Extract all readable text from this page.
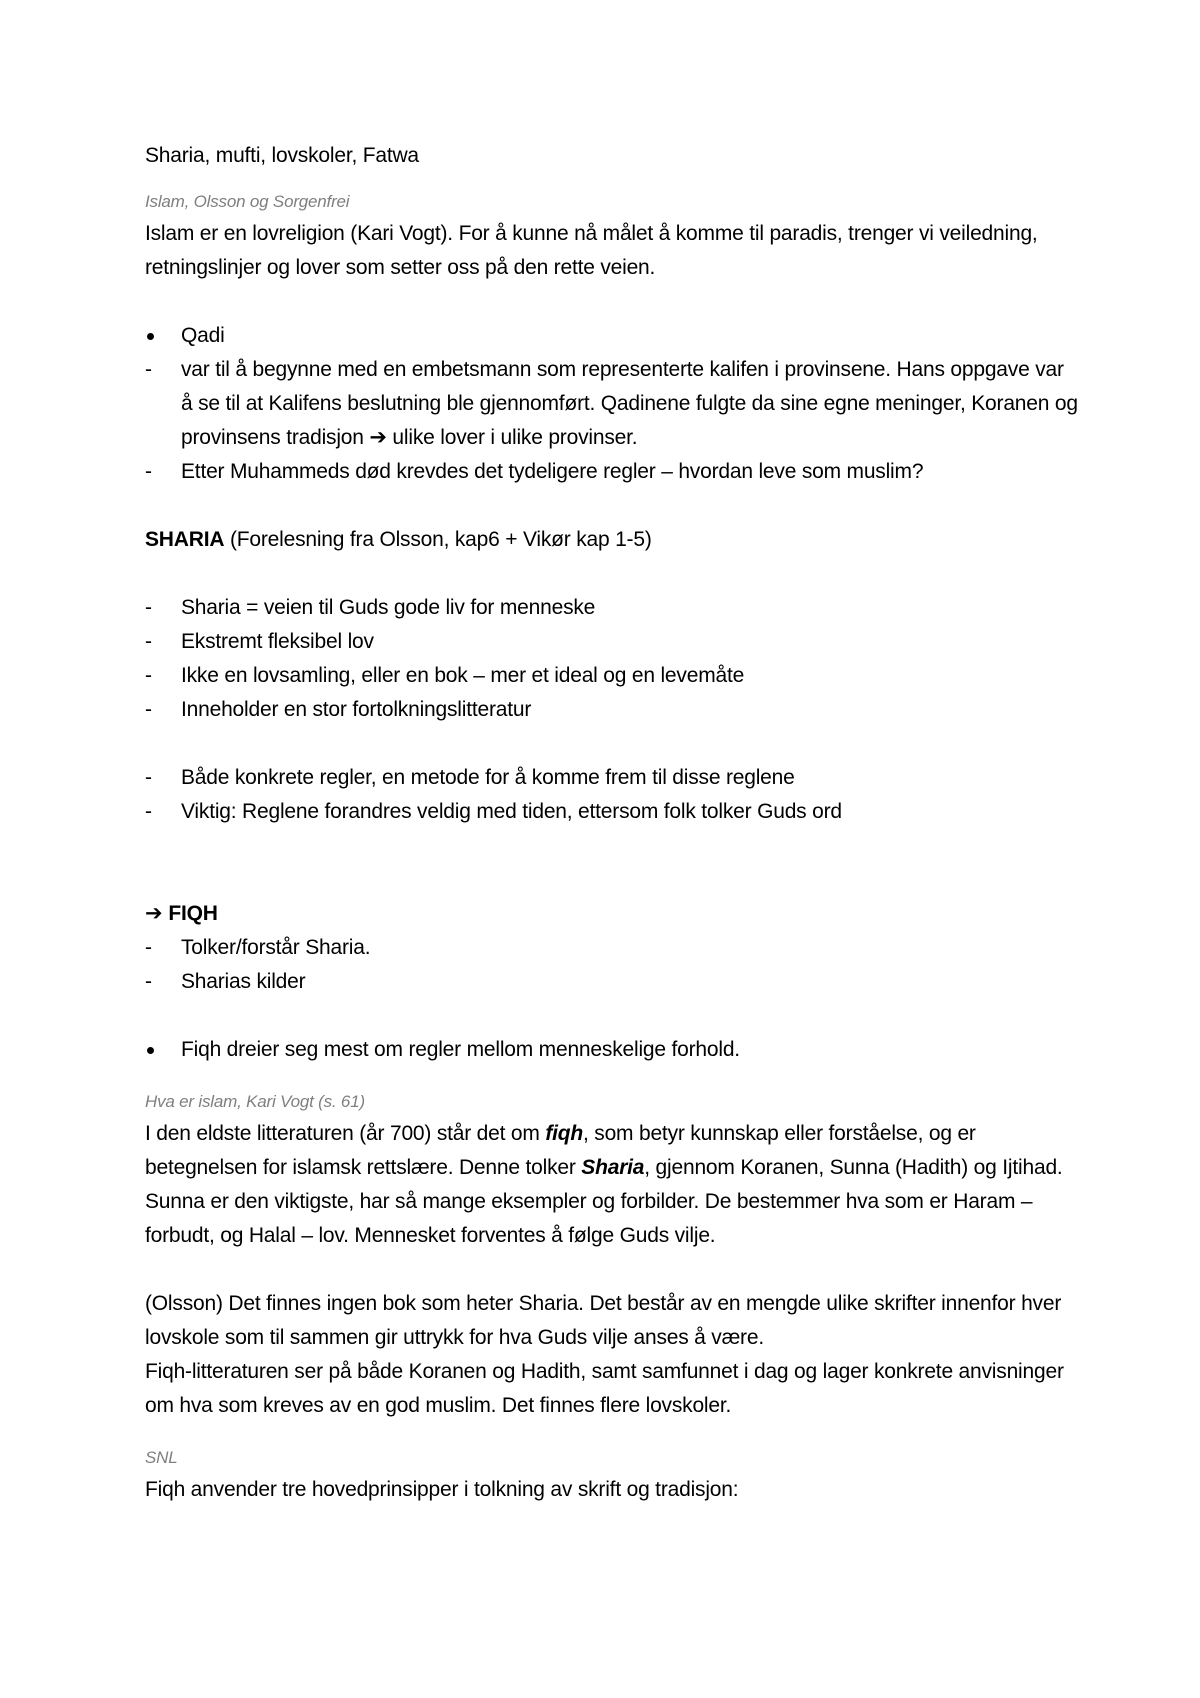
Sharia, mufti, lovskoler, Fatwa

Islam, Olsson og Sorgenfrei

Islam er en lovreligion (Kari Vogt). For å kunne nå målet å komme til paradis, trenger vi veiledning, retningslinjer og lover som setter oss på den rette veien.

Qadi
-	var til å begynne med en embetsmann som representerte kalifen i provinsene. Hans oppgave var å se til at Kalifens beslutning ble gjennomført. Qadinene fulgte da sine egne meninger, Koranen og provinsens tradisjon ➔ ulike lover i ulike provinser.
-	Etter Muhammeds død krevdes det tydeligere regler – hvordan leve som muslim?

SHARIA (Forelesning fra Olsson, kap6 + Vikør kap 1-5)

-	Sharia = veien til Guds gode liv for menneske
-	Ekstremt fleksibel lov
-	Ikke en lovsamling, eller en bok – mer et ideal og en levemåte
-	Inneholder en stor fortolkningslitteratur
-	Både konkrete regler, en metode for å komme frem til disse reglene
-	Viktig: Reglene forandres veldig med tiden, ettersom folk tolker Guds ord

➔ FIQH

-	Tolker/forstår Sharia.
-	Sharias kilder
Fiqh dreier seg mest om regler mellom menneskelige forhold.

Hva er islam, Kari Vogt (s. 61)

I den eldste litteraturen (år 700) står det om fiqh, som betyr kunnskap eller forståelse, og er betegnelsen for islamsk rettslære. Denne tolker Sharia, gjennom Koranen, Sunna (Hadith) og Ijtihad. Sunna er den viktigste, har så mange eksempler og forbilder. De bestemmer hva som er Haram – forbudt, og Halal – lov. Mennesket forventes å følge Guds vilje.

(Olsson) Det finnes ingen bok som heter Sharia. Det består av en mengde ulike skrifter innenfor hver lovskole som til sammen gir uttrykk for hva Guds vilje anses å være.

Fiqh-litteraturen ser på både Koranen og Hadith, samt samfunnet i dag og lager konkrete anvisninger om hva som kreves av en god muslim. Det finnes flere lovskoler.

SNL

Fiqh anvender tre hovedprinsipper i tolkning av skrift og tradisjon:
